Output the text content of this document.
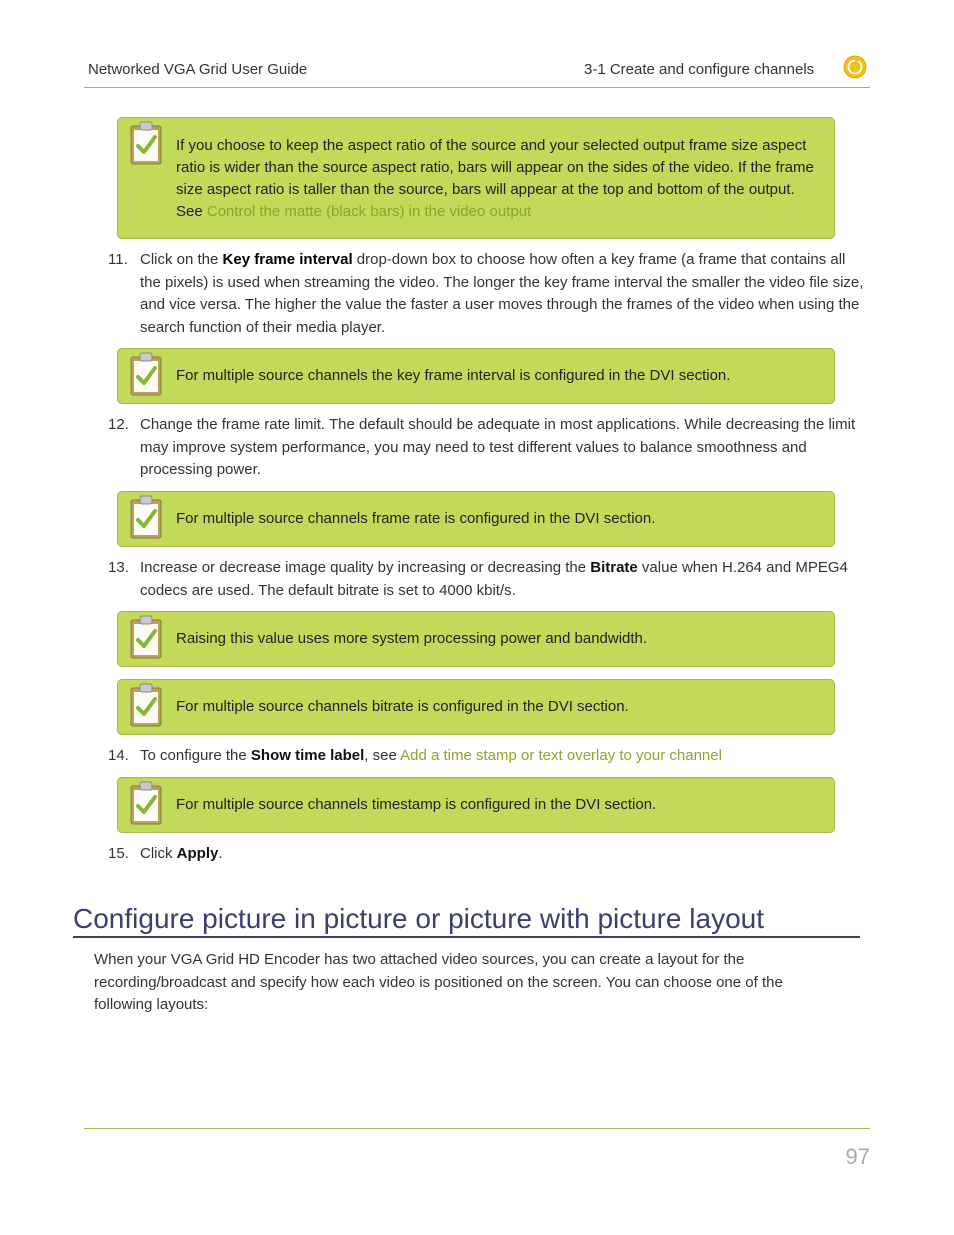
Networked VGA Grid User Guide	3-1 Create and configure channels
If you choose to keep the aspect ratio of the source and your selected output frame size aspect ratio is wider than the source aspect ratio, bars will appear on the sides of the video. If the frame size aspect ratio is taller than the source, bars will appear at the top and bottom of the output. See Control the matte (black bars) in the video output
11. Click on the Key frame interval drop-down box to choose how often a key frame (a frame that contains all the pixels) is used when streaming the video. The longer the key frame interval the smaller the video file size, and vice versa. The higher the value the faster a user moves through the frames of the video when using the search function of their media player.
For multiple source channels the key frame interval is configured in the DVI section.
12. Change the frame rate limit. The default should be adequate in most applications. While decreasing the limit may improve system performance, you may need to test different values to balance smoothness and processing power.
For multiple source channels frame rate is configured in the DVI section.
13. Increase or decrease image quality by increasing or decreasing the Bitrate value when H.264 and MPEG4 codecs are used. The default bitrate is set to 4000 kbit/s.
Raising this value uses more system processing power and bandwidth.
For multiple source channels bitrate is configured in the DVI section.
14. To configure the Show time label, see Add a time stamp or text overlay to your channel
For multiple source channels timestamp is configured in the DVI section.
15. Click Apply.
Configure picture in picture or picture with picture layout
When your VGA Grid HD Encoder has two attached video sources, you can create a layout for the recording/broadcast and specify how each video is positioned on the screen. You can choose one of the following layouts:
97
